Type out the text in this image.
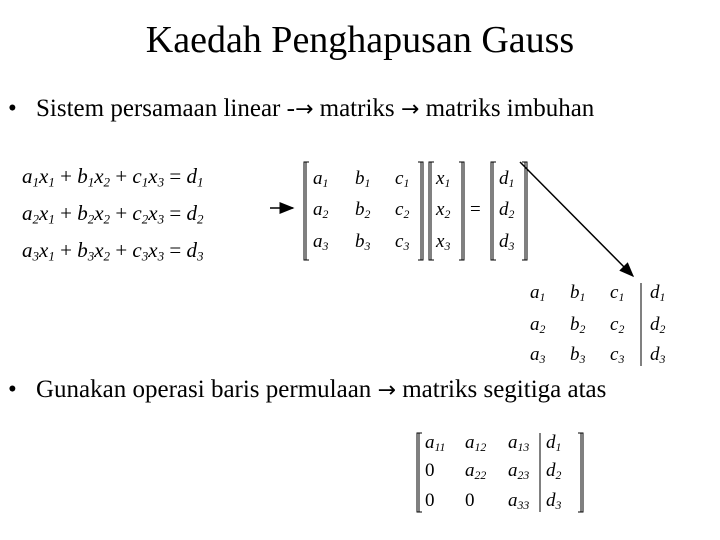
Kaedah Penghapusan Gauss
• Sistem persamaan linear -→ matriks → matriks imbuhan
$a_1x_1 + b_1x_2 + c_1x_3 = d_1$
$a_2x_1 + b_2x_2 + c_2x_3 = d_2$
$a_3x_1 + b_3x_2 + c_3x_3 = d_3$
$a_1$ $b_1$ $c_1$
$a_2$ $b_2$ $c_2$
$a_3$ $b_3$ $c_3$
$x_1$
$x_2$
$x_3$
=
$d_1$
$d_2$
$d_3$
$a_1$ $b_1$ $c_1$ $d_1$
$a_2$ $b_2$ $c_2$ $d_2$
$a_3$ $b_3$ $c_3$ $d_3$
• Gunakan operasi baris permulaan → matriks segitiga atas
$a_{11}$ $a_{12}$ $a_{13}$ $d_1$
0 $a_{22}$ $a_{23}$ $d_2$
0 0 $a_{33}$ $d_3$
